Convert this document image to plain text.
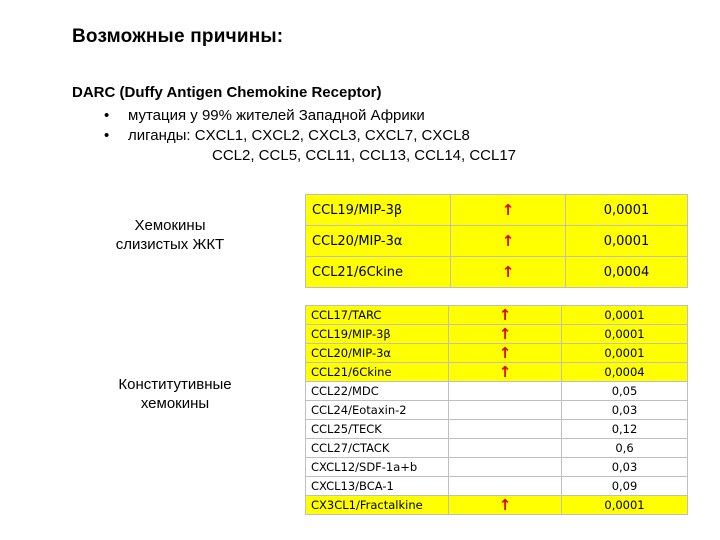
Возможные причины:
DARC (Duffy Antigen Chemokine Receptor)
• мутация у 99% жителей Западной Африки
• лиганды: CXCL1, CXCL2, CXCL3, CXCL7, CXCL8
CCL2, CCL5, CCL11, CCL13, CCL14, CCL17
Хемокины
слизистых ЖКТ
CCL19/MIP-3β	↑	0,0001
CCL20/MIP-3α	↑	0,0001
CCL21/6Ckine	↑	0,0004
Конститутивные
хемокины
CCL17/TARC	↑	0,0001
CCL19/MIP-3β	↑	0,0001
CCL20/MIP-3α	↑	0,0001
CCL21/6Ckine	↑	0,0004
CCL22/MDC		0,05
CCL24/Eotaxin-2		0,03
CCL25/TECK		0,12
CCL27/CTACK		0,6
CXCL12/SDF-1a+b		0,03
CXCL13/BCA-1		0,09
CX3CL1/Fractalkine	↑	0,0001
